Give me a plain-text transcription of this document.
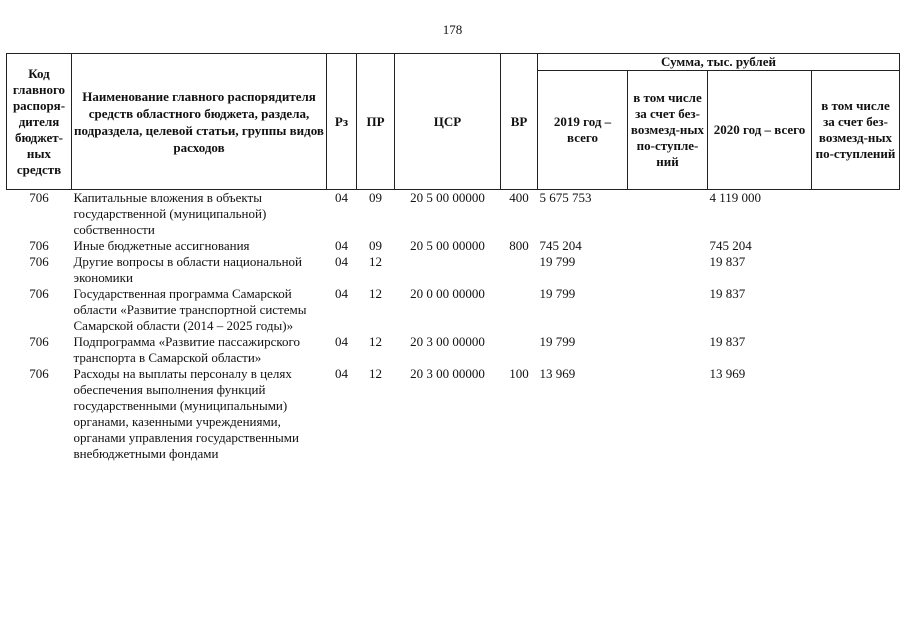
178
Код главного распоря-дителя бюджет-ных средств	Наименование главного распорядителя средств областного бюджета, раздела, подраздела, целевой статьи, группы видов расходов	Рз	ПР	ЦСР	ВР	Сумма, тыс. рублей			
						2019 год – всего	в том числе за счет без-возмезд-ных по-ступле-ний	2020 год – всего	в том числе за счет без-возмезд-ных по-ступлений
706	Капитальные вложения в объекты государственной (муниципальной) собственности	04	09	20 5 00 00000	400	5 675 753		4 119 000	
706	Иные бюджетные ассигнования	04	09	20 5 00 00000	800	745 204		745 204	
706	Другие вопросы в области национальной экономики	04	12			19 799		19 837	
706	Государственная программа Самарской области «Развитие транспортной системы Самарской области (2014 – 2025 годы)»	04	12	20 0 00 00000		19 799		19 837	
706	Подпрограмма «Развитие пассажирского транспорта в Самарской области»	04	12	20 3 00 00000		19 799		19 837	
706	Расходы на выплаты персоналу в целях обеспечения выполнения функций государственными (муниципальными) органами, казенными учреждениями, органами управления государственными внебюджетными фондами	04	12	20 3 00 00000	100	13 969		13 969	
